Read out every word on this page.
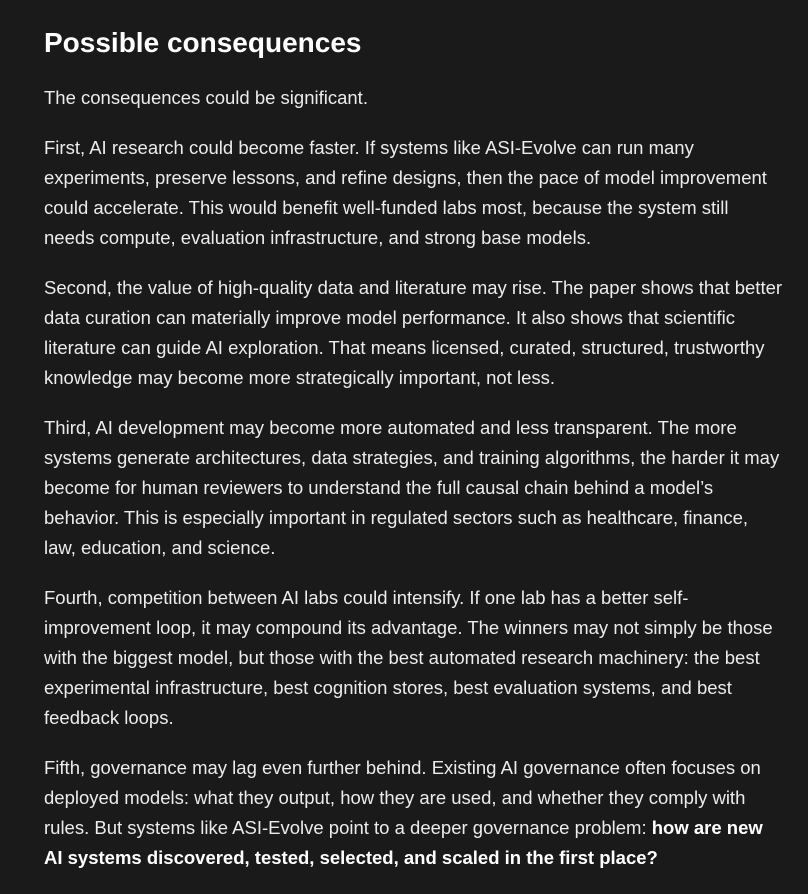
Possible consequences

The consequences could be significant.

First, AI research could become faster. If systems like ASI-Evolve can run many experiments, preserve lessons, and refine designs, then the pace of model improvement could accelerate. This would benefit well-funded labs most, because the system still needs compute, evaluation infrastructure, and strong base models.

Second, the value of high-quality data and literature may rise. The paper shows that better data curation can materially improve model performance. It also shows that scientific literature can guide AI exploration. That means licensed, curated, structured, trustworthy knowledge may become more strategically important, not less.

Third, AI development may become more automated and less transparent. The more systems generate architectures, data strategies, and training algorithms, the harder it may become for human reviewers to understand the full causal chain behind a model’s behavior. This is especially important in regulated sectors such as healthcare, finance, law, education, and science.

Fourth, competition between AI labs could intensify. If one lab has a better self-improvement loop, it may compound its advantage. The winners may not simply be those with the biggest model, but those with the best automated research machinery: the best experimental infrastructure, best cognition stores, best evaluation systems, and best feedback loops.

Fifth, governance may lag even further behind. Existing AI governance often focuses on deployed models: what they output, how they are used, and whether they comply with rules. But systems like ASI-Evolve point to a deeper governance problem: how are new AI systems discovered, tested, selected, and scaled in the first place?
